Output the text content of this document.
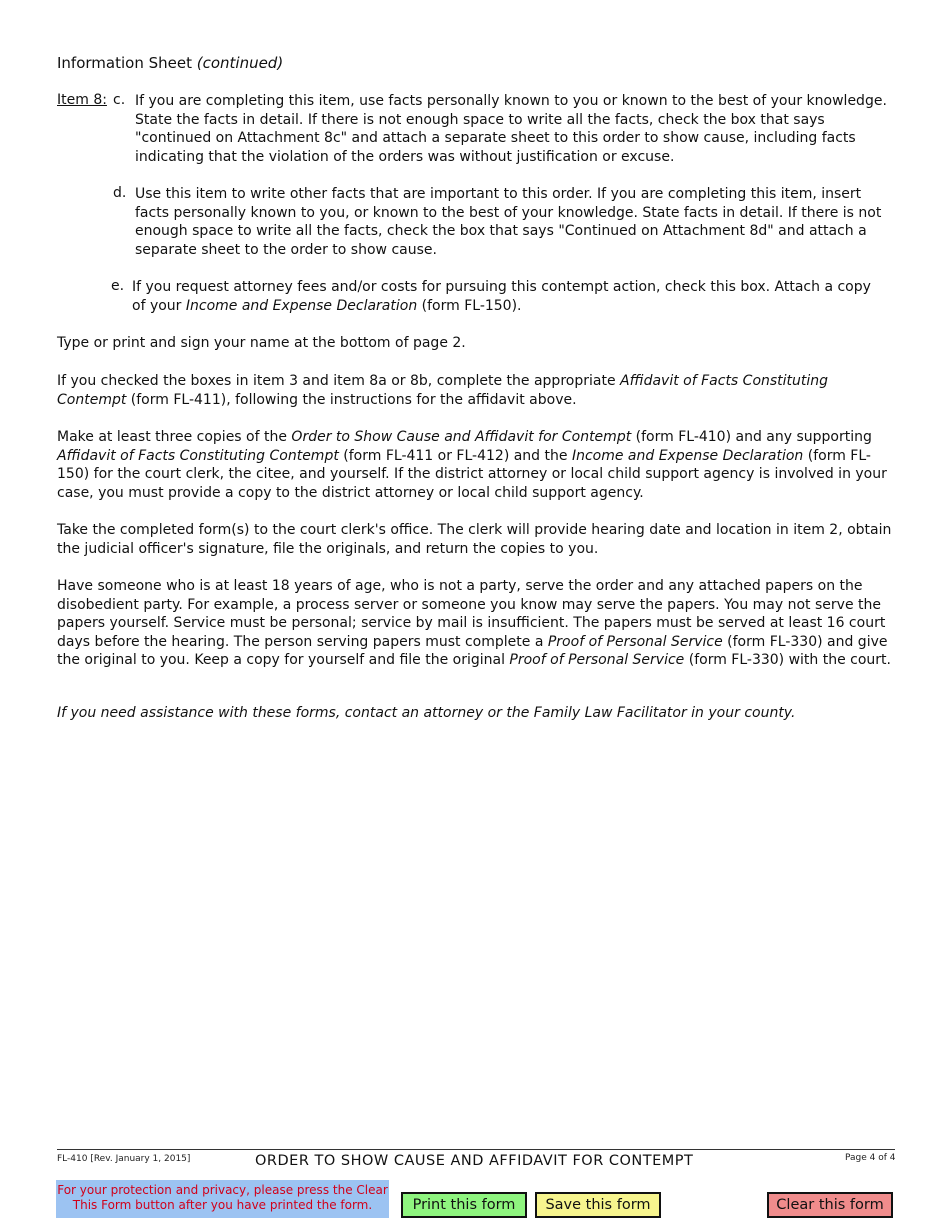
Information Sheet (continued)
Item 8: c. If you are completing this item, use facts personally known to you or known to the best of your knowledge. State the facts in detail. If there is not enough space to write all the facts, check the box that says "continued on Attachment 8c" and attach a separate sheet to this order to show cause, including facts indicating that the violation of the orders was without justification or excuse.
d. Use this item to write other facts that are important to this order. If you are completing this item, insert facts personally known to you, or known to the best of your knowledge. State facts in detail. If there is not enough space to write all the facts, check the box that says "Continued on Attachment 8d" and attach a separate sheet to the order to show cause.
e. If you request attorney fees and/or costs for pursuing this contempt action, check this box. Attach a copy of your Income and Expense Declaration (form FL-150).
Type or print and sign your name at the bottom of page 2.
If you checked the boxes in item 3 and item 8a or 8b, complete the appropriate Affidavit of Facts Constituting Contempt (form FL-411), following the instructions for the affidavit above.
Make at least three copies of the Order to Show Cause and Affidavit for Contempt (form FL-410) and any supporting Affidavit of Facts Constituting Contempt (form FL-411 or FL-412) and the Income and Expense Declaration (form FL-150) for the court clerk, the citee, and yourself. If the district attorney or local child support agency is involved in your case, you must provide a copy to the district attorney or local child support agency.
Take the completed form(s) to the court clerk's office. The clerk will provide hearing date and location in item 2, obtain the judicial officer's signature, file the originals, and return the copies to you.
Have someone who is at least 18 years of age, who is not a party, serve the order and any attached papers on the disobedient party. For example, a process server or someone you know may serve the papers. You may not serve the papers yourself. Service must be personal; service by mail is insufficient. The papers must be served at least 16 court days before the hearing. The person serving papers must complete a Proof of Personal Service (form FL-330) and give the original to you. Keep a copy for yourself and file the original Proof of Personal Service (form FL-330) with the court.
If you need assistance with these forms, contact an attorney or the Family Law Facilitator in your county.
FL-410 [Rev. January 1, 2015]	ORDER TO SHOW CAUSE AND AFFIDAVIT FOR CONTEMPT	Page 4 of 4
For your protection and privacy, please press the Clear This Form button after you have printed the form.	Print this form	Save this form	Clear this form
